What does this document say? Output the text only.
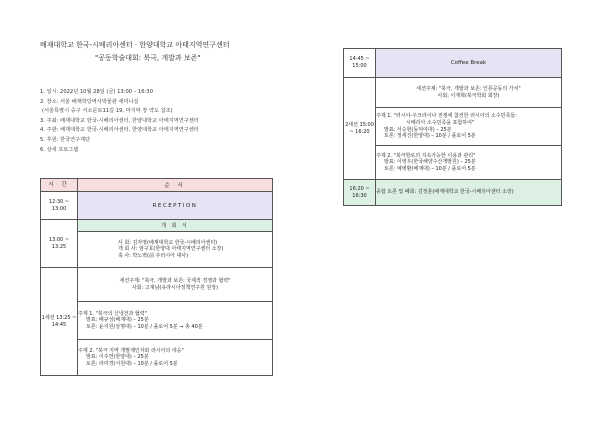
배재대학교 한국-시베리아센터 · 한양대학교 아태지역연구센터
"공동학술대회: 북극, 개발과 보존"
1. 일시: 2022년 10월 28일 (금) 13:00 – 16:30
2. 장소: 서울 배재학당역사박물관 세미나실
(서울특별시 중구 서소문로11길 19, 마지막 장 약도 참조)
3. 주최: 배재대학교 한국-시베리아센터, 한양대학교 아태지역연구센터
4. 주관: 배재대학교 한국-시베리아센터, 한양대학교 아태지역연구센터
5. 후원: 한국연구재단
6. 상세 프로그램
시 간	순 서
12:30 ~ 13:00	RECEPTION
13:00 ~ 13:25	개 회 식

	사 회: 김자영(배재대학교 한국-시베리아센터)
개 회 사: 엄구호(한양대 아태지역연구센터 소장)
축 사: 박노벽(前 주러시아 대사)

1세션 13:25 ~ 14:45	세션주제: "북극, 개발과 보존: 국제적 경쟁과 협력"
사회: 고재남(유라시아정책연구원 원장)

	주제 1. "북극의 신냉전과 협력"
발표: 배규성(배재대) – 25분
토론: 윤지원(상명대) – 10분 / 플로어 5분 ⇒ 총 40분

	주제 2. "북극 지역 개발제인자와 러시아의 대응"
발표: 이주연(한양대) – 25분
토론: 라미경(서원대) – 10분 / 플로어 5분
14:45 ~ 15:00	Coffee Break
2세션 15:00 ~ 16:20	세션주제: "북극, 개발과 보존: 인류공동의 가치"
사회: 이재혁(북극학회 회장)

	주제 1. "러시아-우크라이나 전쟁에 참전한 러시아의 소수민족들:
시베리아 소수민족을 포함하여"
발표: 서승현(동덕여대) – 25분
토론: 정세진(한양대) – 10분 / 플로어 5분

	주제 2. "북극항로의 지속가능한 이용과 관리"
발표: 이영우(한국해양수산개발원) – 25분
토론: 예병환(배재대) – 10분 / 플로어 5분

16:20 ~ 16:30	종합 토론 및 폐회: 김정훈(배재대학교 한국-시베리아센터 소장)
